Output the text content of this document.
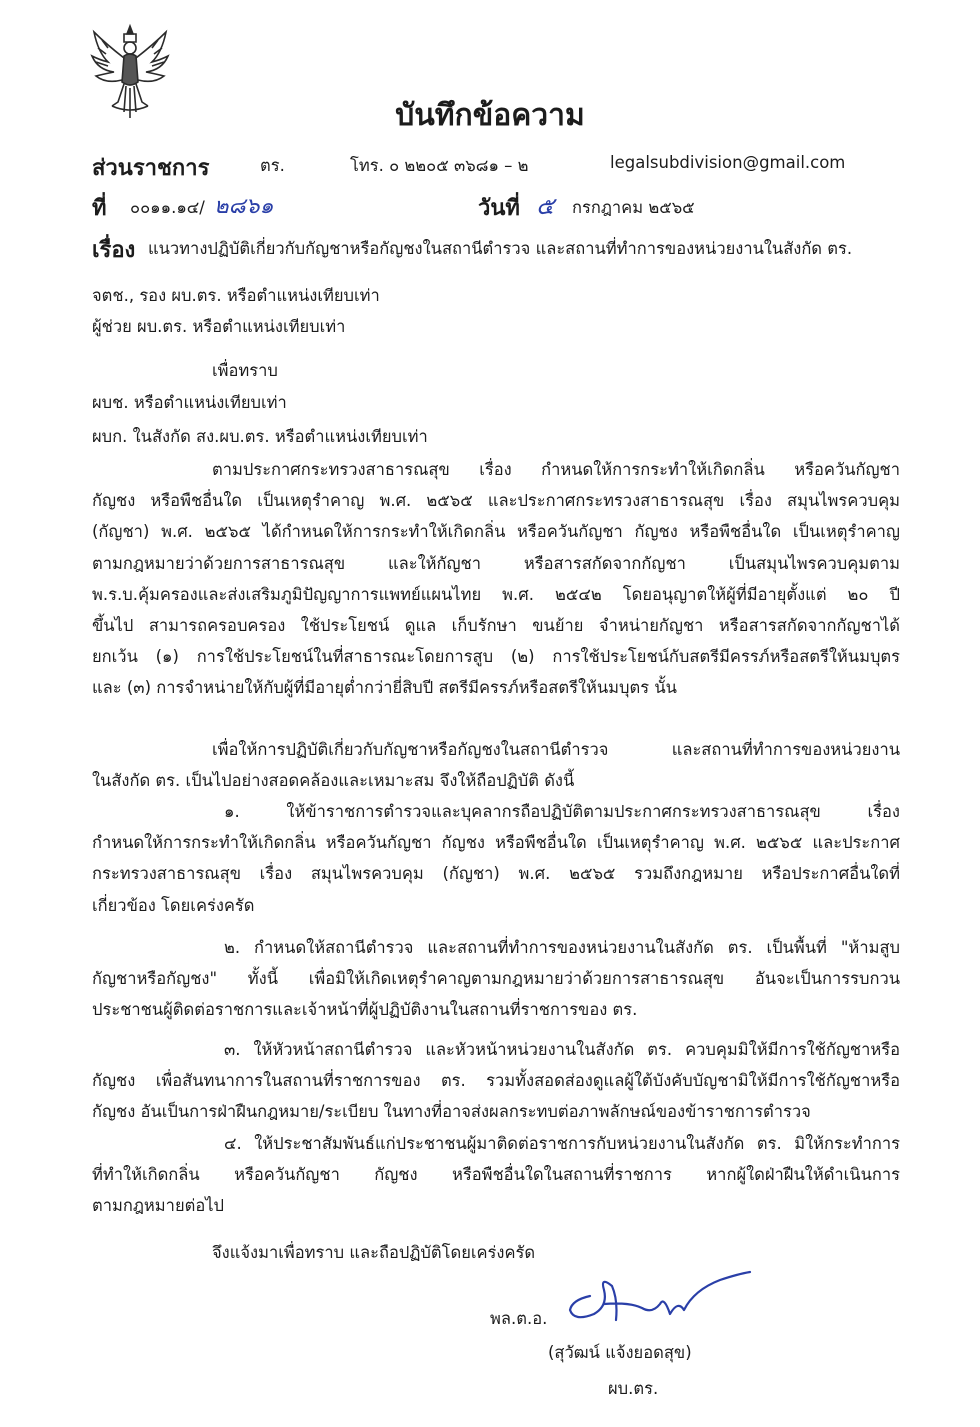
บันทึกข้อความ
ส่วนราชการ	ตร.	โทร. ๐ ๒๒๐๕ ๓๖๘๑ – ๒	legalsubdivision@gmail.com
ที่ ๐๐๑๑.๑๔/ ๒๘๖๑	วันที่ ๕ กรกฎาคม ๒๕๖๕
เรื่อง แนวทางปฏิบัติเกี่ยวกับกัญชาหรือกัญชงในสถานีตำรวจ และสถานที่ทำการของหน่วยงานในสังกัด ตร.
จตช., รอง ผบ.ตร. หรือตำแหน่งเทียบเท่า
ผู้ช่วย ผบ.ตร. หรือตำแหน่งเทียบเท่า
เพื่อทราบ
ผบช. หรือตำแหน่งเทียบเท่า
ผบก. ในสังกัด สง.ผบ.ตร. หรือตำแหน่งเทียบเท่า
ตามประกาศกระทรวงสาธารณสุข เรื่อง กำหนดให้การกระทำให้เกิดกลิ่น หรือควันกัญชา
กัญชง หรือพืชอื่นใด เป็นเหตุรำคาญ พ.ศ. ๒๕๖๕ และประกาศกระทรวงสาธารณสุข เรื่อง สมุนไพรควบคุม
(กัญชา) พ.ศ. ๒๕๖๕ ได้กำหนดให้การกระทำให้เกิดกลิ่น หรือควันกัญชา กัญชง หรือพืชอื่นใด เป็นเหตุรำคาญ
ตามกฎหมายว่าด้วยการสาธารณสุข และให้กัญชา หรือสารสกัดจากกัญชา เป็นสมุนไพรควบคุมตาม
พ.ร.บ.คุ้มครองและส่งเสริมภูมิปัญญาการแพทย์แผนไทย พ.ศ. ๒๕๔๒ โดยอนุญาตให้ผู้ที่มีอายุตั้งแต่ ๒๐ ปี
ขึ้นไป สามารถครอบครอง ใช้ประโยชน์ ดูแล เก็บรักษา ขนย้าย จำหน่ายกัญชา หรือสารสกัดจากกัญชาได้
ยกเว้น (๑) การใช้ประโยชน์ในที่สาธารณะโดยการสูบ (๒) การใช้ประโยชน์กับสตรีมีครรภ์หรือสตรีให้นมบุตร
และ (๓) การจำหน่ายให้กับผู้ที่มีอายุต่ำกว่ายี่สิบปี สตรีมีครรภ์หรือสตรีให้นมบุตร นั้น
เพื่อให้การปฏิบัติเกี่ยวกับกัญชาหรือกัญชงในสถานีตำรวจ และสถานที่ทำการของหน่วยงาน
ในสังกัด ตร. เป็นไปอย่างสอดคล้องและเหมาะสม จึงให้ถือปฏิบัติ ดังนี้
๑. ให้ข้าราชการตำรวจและบุคลากรถือปฏิบัติตามประกาศกระทรวงสาธารณสุข เรื่อง
กำหนดให้การกระทำให้เกิดกลิ่น หรือควันกัญชา กัญชง หรือพืชอื่นใด เป็นเหตุรำคาญ พ.ศ. ๒๕๖๕ และประกาศ
กระทรวงสาธารณสุข เรื่อง สมุนไพรควบคุม (กัญชา) พ.ศ. ๒๕๖๕ รวมถึงกฎหมาย หรือประกาศอื่นใดที่
เกี่ยวข้อง โดยเคร่งครัด
๒. กำหนดให้สถานีตำรวจ และสถานที่ทำการของหน่วยงานในสังกัด ตร. เป็นพื้นที่ "ห้ามสูบ
กัญชาหรือกัญชง" ทั้งนี้ เพื่อมิให้เกิดเหตุรำคาญตามกฎหมายว่าด้วยการสาธารณสุข อันจะเป็นการรบกวน
ประชาชนผู้ติดต่อราชการและเจ้าหน้าที่ผู้ปฏิบัติงานในสถานที่ราชการของ ตร.
๓. ให้หัวหน้าสถานีตำรวจ และหัวหน้าหน่วยงานในสังกัด ตร. ควบคุมมิให้มีการใช้กัญชาหรือ
กัญชง เพื่อสันทนาการในสถานที่ราชการของ ตร. รวมทั้งสอดส่องดูแลผู้ใต้บังคับบัญชามิให้มีการใช้กัญชาหรือ
กัญชง อันเป็นการฝ่าฝืนกฎหมาย/ระเบียบ ในทางที่อาจส่งผลกระทบต่อภาพลักษณ์ของข้าราชการตำรวจ
๔. ให้ประชาสัมพันธ์แก่ประชาชนผู้มาติดต่อราชการกับหน่วยงานในสังกัด ตร. มิให้กระทำการ
ที่ทำให้เกิดกลิ่น หรือควันกัญชา กัญชง หรือพืชอื่นใดในสถานที่ราชการ หากผู้ใดฝ่าฝืนให้ดำเนินการ
ตามกฎหมายต่อไป
จึงแจ้งมาเพื่อทราบ และถือปฏิบัติโดยเคร่งครัด
พล.ต.อ.
(สุวัฒน์ แจ้งยอดสุข)
ผบ.ตร.
